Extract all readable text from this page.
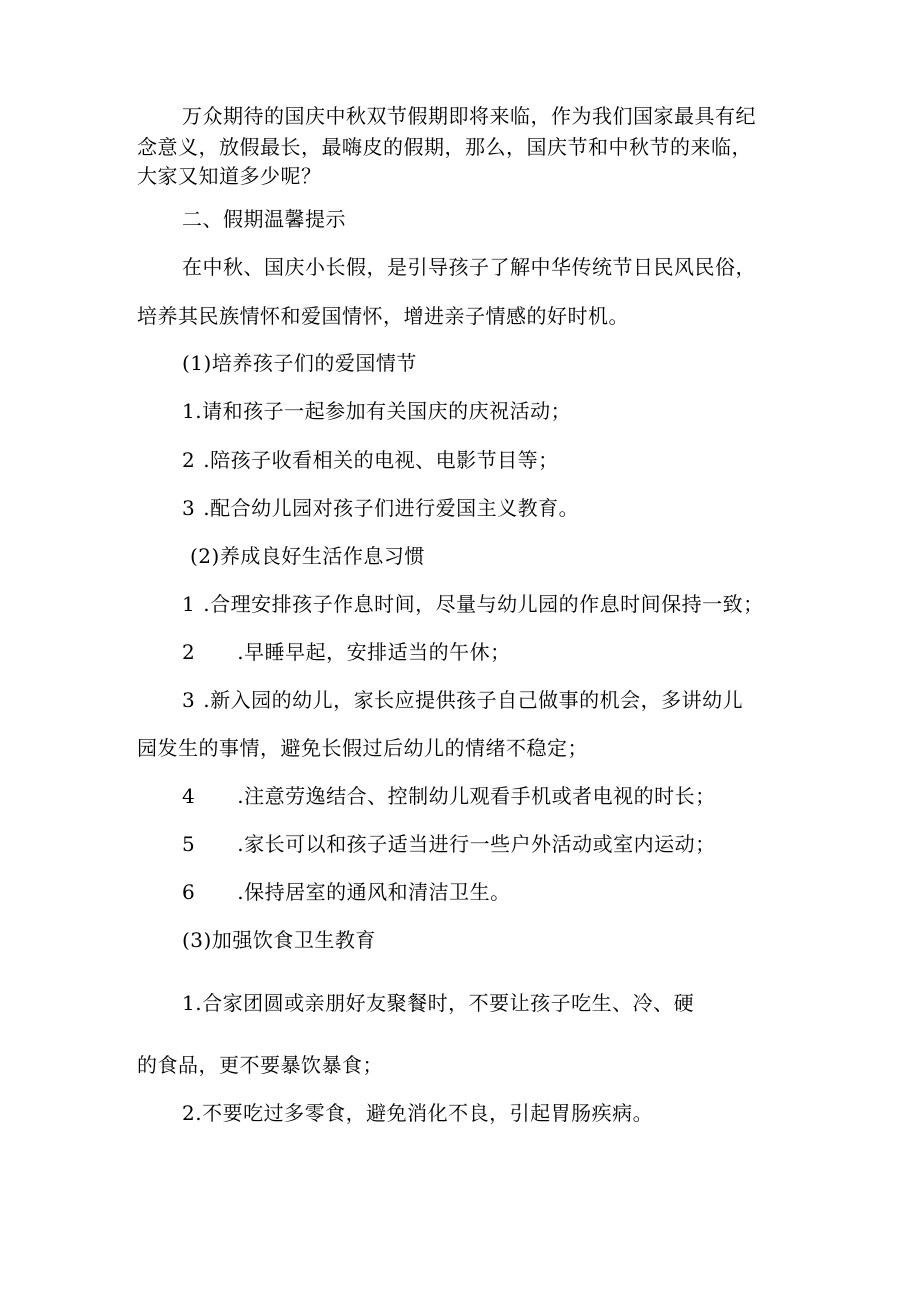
万众期待的国庆中秋双节假期即将来临，作为我们国家最具有纪
念意义，放假最长，最嗨皮的假期，那么，国庆节和中秋节的来临，
大家又知道多少呢？
二、假期温馨提示
在中秋、国庆小长假，是引导孩子了解中华传统节日民风民俗，
培养其民族情怀和爱国情怀，增进亲子情感的好时机。
(1)培养孩子们的爱国情节
1.请和孩子一起参加有关国庆的庆祝活动；
2 .陪孩子收看相关的电视、电影节目等；
3 .配合幼儿园对孩子们进行爱国主义教育。
(2)养成良好生活作息习惯
1 .合理安排孩子作息时间，尽量与幼儿园的作息时间保持一致；
2 .早睡早起，安排适当的午休；
3 .新入园的幼儿，家长应提供孩子自己做事的机会，多讲幼儿
园发生的事情，避免长假过后幼儿的情绪不稳定；
4 .注意劳逸结合、控制幼儿观看手机或者电视的时长；
5 .家长可以和孩子适当进行一些户外活动或室内运动；
6 .保持居室的通风和清洁卫生。
(3)加强饮食卫生教育
1.合家团圆或亲朋好友聚餐时，不要让孩子吃生、冷、硬
的食品，更不要暴饮暴食；
2.不要吃过多零食，避免消化不良，引起胃肠疾病。
